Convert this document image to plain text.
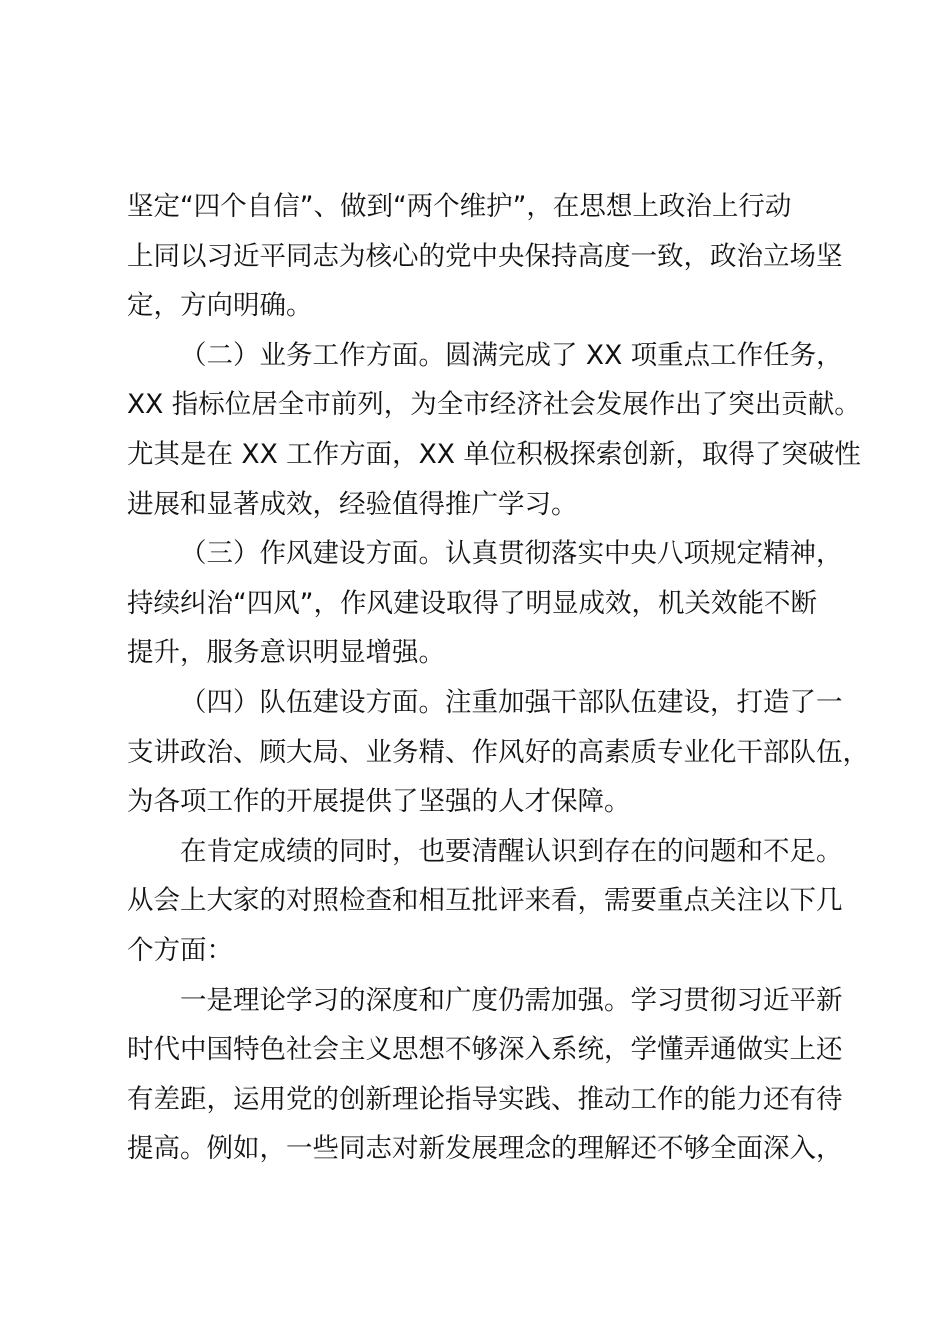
坚定“四个自信”、做到“两个维护”，在思想上政治上行动
上同以习近平同志为核心的党中央保持高度一致，政治立场坚
定，方向明确。
（二）业务工作方面。圆满完成了 XX 项重点工作任务，
XX 指标位居全市前列，为全市经济社会发展作出了突出贡献。
尤其是在 XX 工作方面，XX 单位积极探索创新，取得了突破性
进展和显著成效，经验值得推广学习。
（三）作风建设方面。认真贯彻落实中央八项规定精神，
持续纠治“四风”，作风建设取得了明显成效，机关效能不断
提升，服务意识明显增强。
（四）队伍建设方面。注重加强干部队伍建设，打造了一
支讲政治、顾大局、业务精、作风好的高素质专业化干部队伍，
为各项工作的开展提供了坚强的人才保障。
在肯定成绩的同时，也要清醒认识到存在的问题和不足。
从会上大家的对照检查和相互批评来看，需要重点关注以下几
个方面：
一是理论学习的深度和广度仍需加强。学习贯彻习近平新
时代中国特色社会主义思想不够深入系统，学懂弄通做实上还
有差距，运用党的创新理论指导实践、推动工作的能力还有待
提高。例如，一些同志对新发展理念的理解还不够全面深入，
